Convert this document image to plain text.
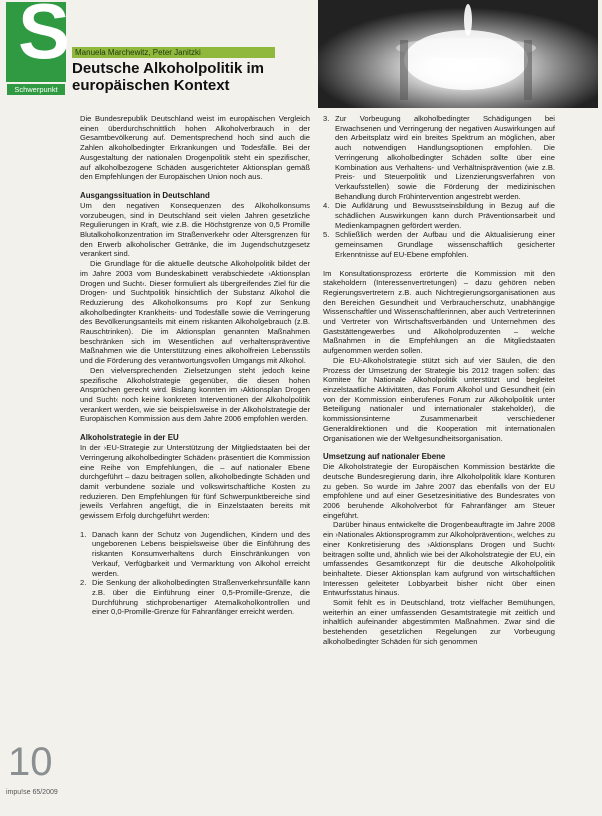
S
Schwerpunkt
Manuela Marchewitz, Peter Janitzki
Deutsche Alkoholpolitik im
europäischen Kontext

Die Bundesrepublik Deutschland weist im europäischen Vergleich einen überdurchschnittlich hohen Alkoholverbrauch in der Gesamtbevölkerung auf. Dementsprechend hoch sind auch die Zahlen alkoholbedingter Erkrankungen und Todesfälle. Bei der Ausgestaltung der nationalen Drogenpolitik steht ein spezifischer, auf alkoholbezogene Schäden ausgerichteter Aktionsplan gemäß den Empfehlungen der Europäischen Union noch aus.

Ausgangssituation in Deutschland

Um den negativen Konsequenzen des Alkoholkonsums vorzubeugen, sind in Deutschland seit vielen Jahren gesetzliche Regulierungen in Kraft, wie z.B. die Höchstgrenze von 0,5 Promille Blutalkoholkonzentration im Straßenverkehr oder Altersgrenzen für den Erwerb alkoholischer Getränke, die im Jugendschutzgesetz verankert sind.

Die Grundlage für die aktuelle deutsche Alkoholpolitik bildet der im Jahre 2003 vom Bundeskabinett verabschiedete ›Aktionsplan Drogen und Sucht‹. Dieser formuliert als übergreifendes Ziel für die Drogen- und Suchtpolitik hinsichtlich der Substanz Alkohol die Reduzierung des Alkoholkonsums pro Kopf zur Senkung alkoholbedingter Krankheits- und Todesfälle sowie die Verringerung des Bevölkerungsanteils mit einem riskanten Alkoholgebrauch (z.B. Rauschtrinken). Die im Aktionsplan genannten Maßnahmen beschränken sich im Wesentlichen auf verhaltenspräventive Maßnahmen wie die Unterstützung eines alkoholfreien Lebensstils und die Förderung des verantwortungsvollen Umgangs mit Alkohol.

Den vielversprechenden Zielsetzungen steht jedoch keine spezifische Alkoholstrategie gegenüber, die diesen hohen Ansprüchen gerecht wird. Bislang konnten im ›Aktionsplan Drogen und Sucht‹ noch keine konkreten Interventionen der Alkoholpolitik verankert werden, wie sie beispielsweise in der Alkoholstrategie der Europäischen Kommission aus dem Jahre 2006 empfohlen werden.

Alkoholstrategie in der EU

In der ›EU-Strategie zur Unterstützung der Mitgliedstaaten bei der Verringerung alkoholbedingter Schäden‹ präsentiert die Kommission eine Reihe von Empfehlungen, die – auf nationaler Ebene durchgeführt – dazu beitragen sollen, alkoholbedingte Schäden und damit verbundene soziale und volkswirtschaftliche Kosten zu reduzieren. Den Empfehlungen für fünf Schwerpunktbereiche sind jeweils Verfahren angefügt, die in Einzelstaaten bereits mit gewissem Erfolg durchgeführt werden:

1. Danach kann der Schutz von Jugendlichen, Kindern und des ungeborenen Lebens beispielsweise über die Einführung des riskanten Konsumverhaltens durch Einschränkungen von Verkauf, Verfügbarkeit und Vermarktung von Alkohol erreicht werden.
2. Die Senkung der alkoholbedingten Straßenverkehrsunfälle kann z.B. über die Einführung einer 0,5-Promille-Grenze, die Durchführung stichprobenartiger Atemalkoholkontrollen und einer 0,0-Promille-Grenze für Fahranfänger erreicht werden.
3. Zur Vorbeugung alkoholbedingter Schädigungen bei Erwachsenen und Verringerung der negativen Auswirkungen auf den Arbeitsplatz wird ein breites Spektrum an möglichen, aber auch notwendigen Handlungsoptionen empfohlen. Die Verringerung alkoholbedingter Schäden sollte über eine Kombination aus Verhaltens- und Verhältnisprävention (wie z.B. Preis- und Steuerpolitik und Lizenzierungsverfahren von Verkaufsstellen) sowie die Förderung der medizinischen Behandlung durch Frühintervention angestrebt werden.
4. Die Aufklärung und Bewusstseinsbildung in Bezug auf die schädlichen Auswirkungen kann durch Präventionsarbeit und Medienkampagnen gefördert werden.
5. Schließlich werden der Aufbau und die Aktualisierung einer gemeinsamen Grundlage wissenschaftlich gesicherter Erkenntnisse auf EU-Ebene empfohlen.

Im Konsultationsprozess erörterte die Kommission mit den stakeholdern (Interessenvertretungen) – dazu gehören neben Regierungsvertretern z.B. auch Nichtregierungsorganisationen aus den Bereichen Gesundheit und Verbraucherschutz, unabhängige Wissenschaftler und Wissenschaftlerinnen, aber auch Vertreterinnen und Vertreter von Wirtschaftsverbänden und Unternehmen des Gaststättengewerbes und Alkoholproduzenten – welche Maßnahmen in die Empfehlungen an die Mitgliedstaaten aufgenommen werden sollen.

Die EU-Alkoholstrategie stützt sich auf vier Säulen, die den Prozess der Umsetzung der Strategie bis 2012 tragen sollen: das Komitee für Nationale Alkoholpolitik unterstützt und begleitet einzelstaatliche Aktivitäten, das Forum Alkohol und Gesundheit (ein von der Kommission einberufenes Forum zur Alkoholpolitik unter Beteiligung nationaler und internationaler stakeholder), die kommissionsinterne Zusammenarbeit verschiedener Generaldirektionen und die Kooperation mit internationalen Organisationen wie der Weltgesundheitsorganisation.

Umsetzung auf nationaler Ebene

Die Alkoholstrategie der Europäischen Kommission bestärkte die deutsche Bundesregierung darin, ihre Alkoholpolitik klare Konturen zu geben. So wurde im Jahre 2007 das ebenfalls von der EU empfohlene und auf einer Gesetzesinitiative des Bundesrates von 2006 beruhende Alkoholverbot für Fahranfänger am Steuer eingeführt.

Darüber hinaus entwickelte die Drogenbeauftragte im Jahre 2008 ein ›Nationales Aktionsprogramm zur Alkoholprävention‹, welches zu einer Konkretisierung des ›Aktionsplans Drogen und Sucht‹ beitragen sollte und, ähnlich wie bei der Alkoholstrategie der EU, ein umfassendes Gesamtkonzept für die deutsche Alkoholpolitik beinhaltete. Dieser Aktionsplan kam aufgrund von wirtschaftlichen Interessen geleiteter Lobbyarbeit bisher nicht über einen Entwurfsstatus hinaus.

Somit fehlt es in Deutschland, trotz vielfacher Bemühungen, weiterhin an einer umfassenden Gesamtstrategie mit zeitlich und inhaltlich aufeinander abgestimmten Maßnahmen. Zwar sind die bestehenden gesetzlichen Regelungen zur Vorbeugung alkoholbedingter Schäden für sich genommen

10
impu!se 65/2009
